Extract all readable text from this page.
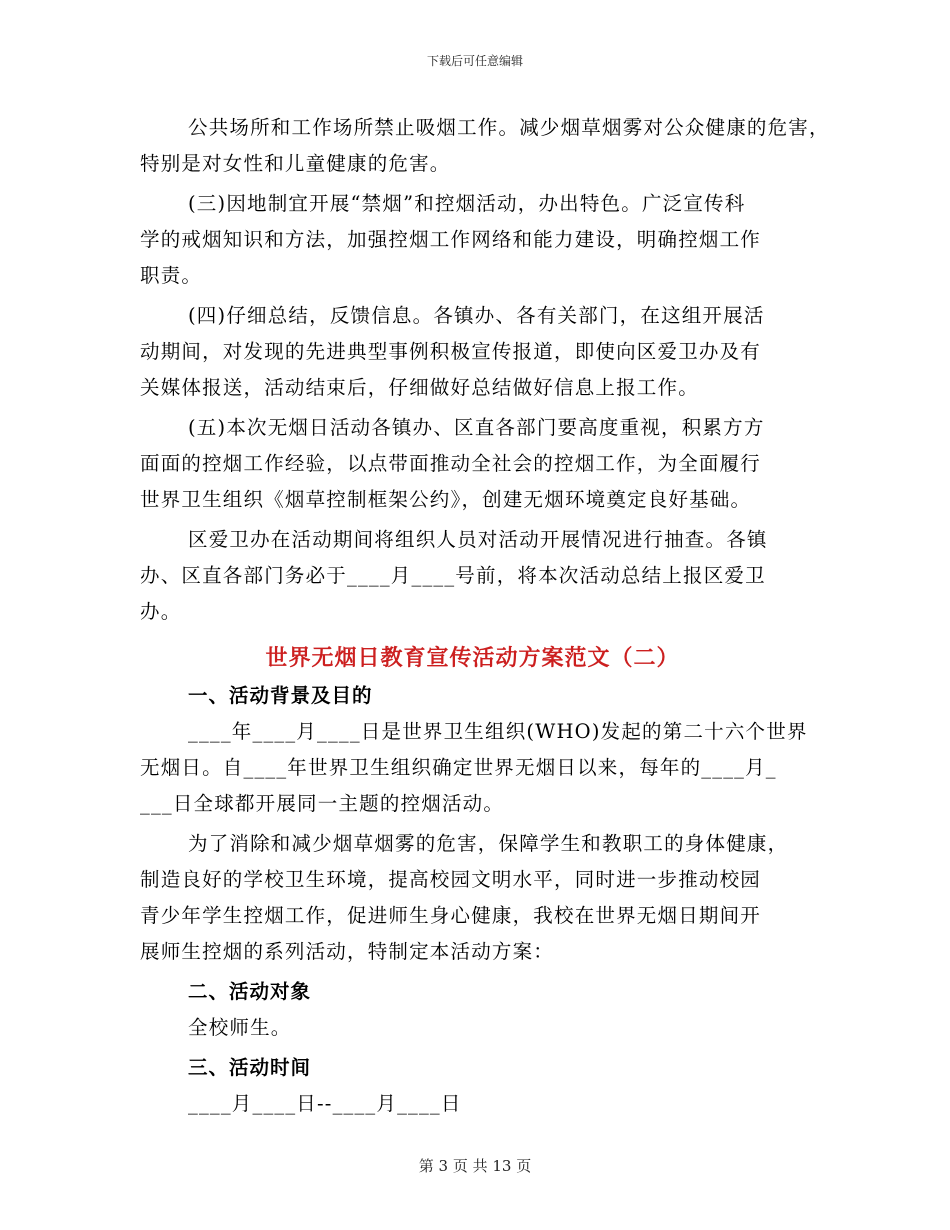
下载后可任意编辑
公共场所和工作场所禁止吸烟工作。减少烟草烟雾对公众健康的危害，
特别是对女性和儿童健康的危害。
(三)因地制宜开展“禁烟”和控烟活动，办出特色。广泛宣传科
学的戒烟知识和方法，加强控烟工作网络和能力建设，明确控烟工作
职责。
(四)仔细总结，反馈信息。各镇办、各有关部门，在这组开展活
动期间，对发现的先进典型事例积极宣传报道，即使向区爱卫办及有
关媒体报送，活动结束后，仔细做好总结做好信息上报工作。
(五)本次无烟日活动各镇办、区直各部门要高度重视，积累方方
面面的控烟工作经验，以点带面推动全社会的控烟工作，为全面履行
世界卫生组织《烟草控制框架公约》，创建无烟环境奠定良好基础。
区爱卫办在活动期间将组织人员对活动开展情况进行抽查。各镇
办、区直各部门务必于____月____号前，将本次活动总结上报区爱卫
办。
世界无烟日教育宣传活动方案范文（二）
一、活动背景及目的
____年____月____日是世界卫生组织(WHO)发起的第二十六个世界
无烟日。自____年世界卫生组织确定世界无烟日以来，每年的____月_
___日全球都开展同一主题的控烟活动。
为了消除和减少烟草烟雾的危害，保障学生和教职工的身体健康，
制造良好的学校卫生环境，提高校园文明水平，同时进一步推动校园
青少年学生控烟工作，促进师生身心健康，我校在世界无烟日期间开
展师生控烟的系列活动，特制定本活动方案：
二、活动对象
全校师生。
三、活动时间
____月____日--____月____日
第 3 页 共 13 页
